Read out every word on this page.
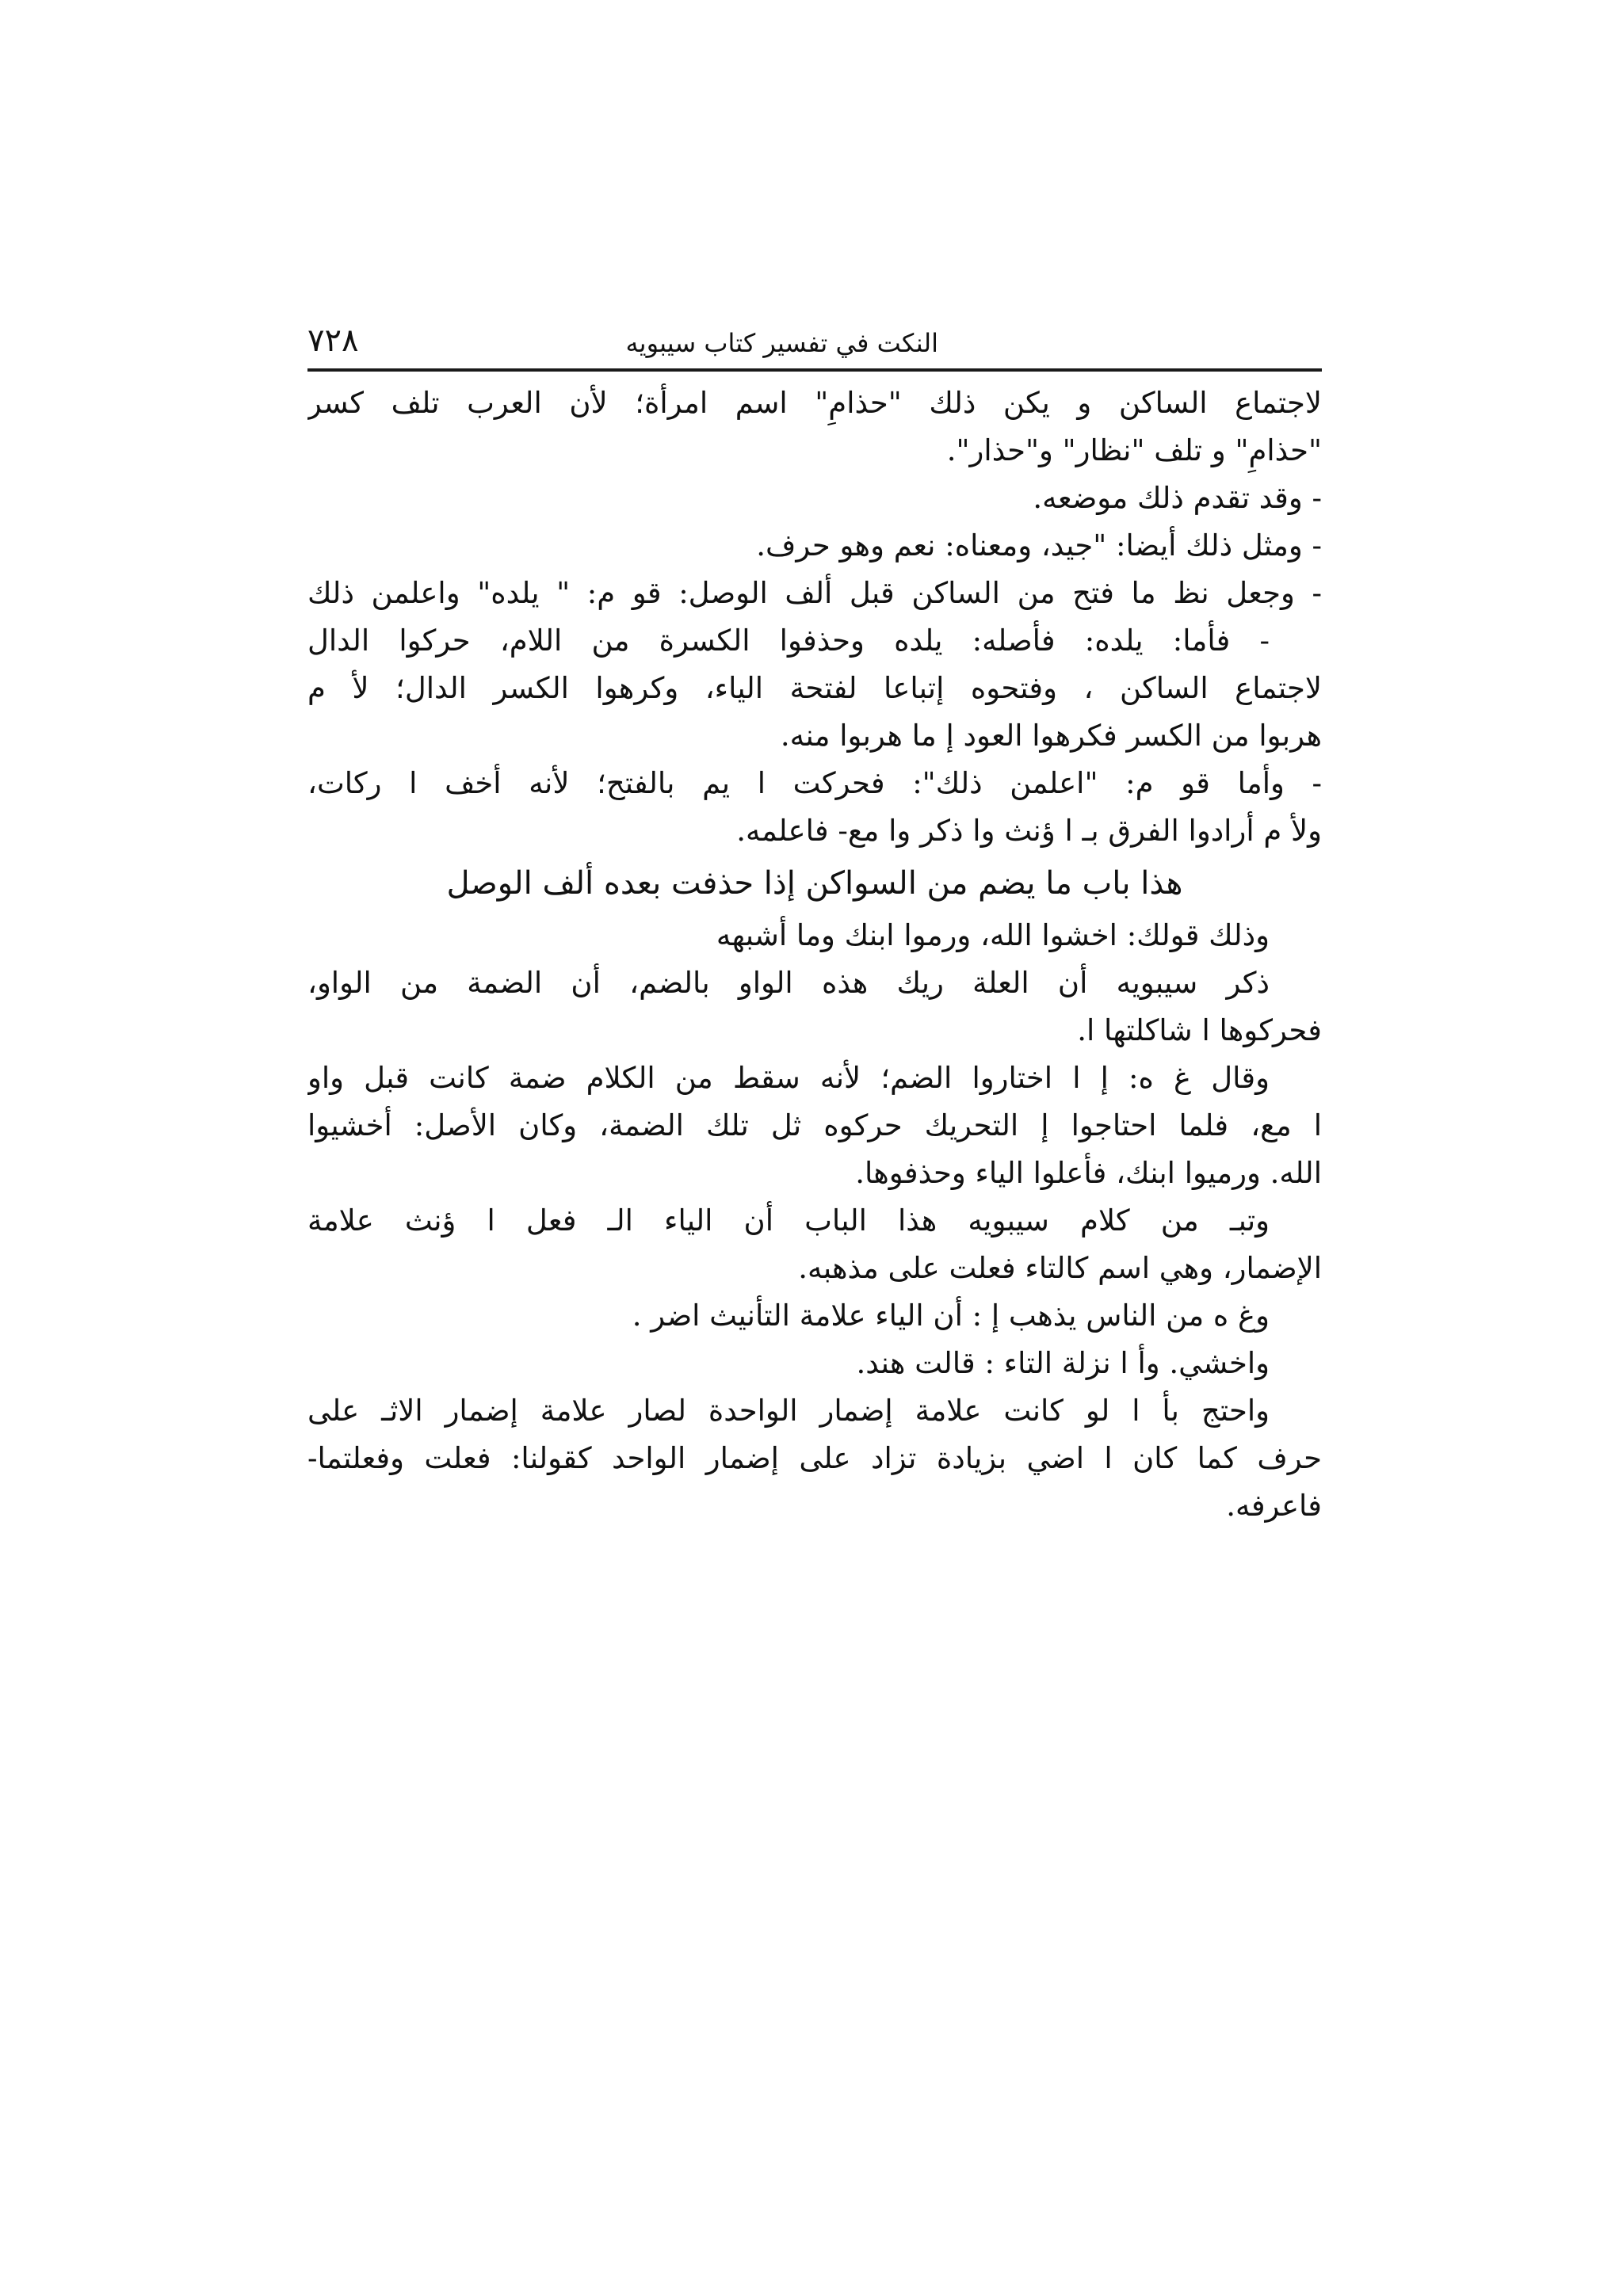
النكت في تفسير كتاب سيبويه
٧٢٨
لاجتماع الساكن و يكن ذلك "حذامِ" اسم امرأة؛ لأن العرب تلف كسر
"حذامِ" و تلف "نظار" و"حذار".
- وقد تقدم ذلك موضعه.
- ومثل ذلك أيضا: "جيد، ومعناه: نعم وهو حرف.
- وجعل نظ ما فتح من الساكن قبل ألف الوصل: قو م: " يلده" واعلمن ذلك
- فأما: يلده: فأصله: يلده وحذفوا الكسرة من اللام، حركوا الدال
لاجتماع الساكن ، وفتحوه إتباعا لفتحة الياء، وكرهوا الكسر الدال؛ لأ م
هربوا من الكسر فكرهوا العود إ ما هربوا منه.
- وأما قو م: "اعلمن ذلك": فحركت ا يم بالفتح؛ لأنه أخف ا ركات،
ولأ م أرادوا الفرق بـ ا ؤنث وا ذكر وا مع- فاعلمه.
هذا باب ما يضم من السواكن إذا حذفت بعده ألف الوصل
وذلك قولك: اخشوا الله، ورموا ابنك وما أشبهه
ذكر سيبويه أن العلة ريك هذه الواو بالضم، أن الضمة من الواو،
فحركوها ا شاكلتها ا.
وقال غ ه: إ ا اختاروا الضم؛ لأنه سقط من الكلام ضمة كانت قبل واو
ا مع، فلما احتاجوا إ التحريك حركوه ثل تلك الضمة، وكان الأصل: أخشيوا
الله. ورميوا ابنك، فأعلوا الياء وحذفوها.
وتبـ من كلام سيبويه هذا الباب أن الياء الـ فعل ا ؤنث علامة
الإضمار، وهي اسم كالتاء فعلت على مذهبه.
وغ ه من الناس يذهب إ : أن الياء علامة التأنيث اضر .
واخشي. وأ ا نزلة التاء : قالت هند.
واحتج بأ ا لو كانت علامة إضمار الواحدة لصار علامة إضمار الاثـ على
حرف كما كان ا اضي بزيادة تزاد على إضمار الواحد كقولنا: فعلت وفعلتما-
فاعرفه.
